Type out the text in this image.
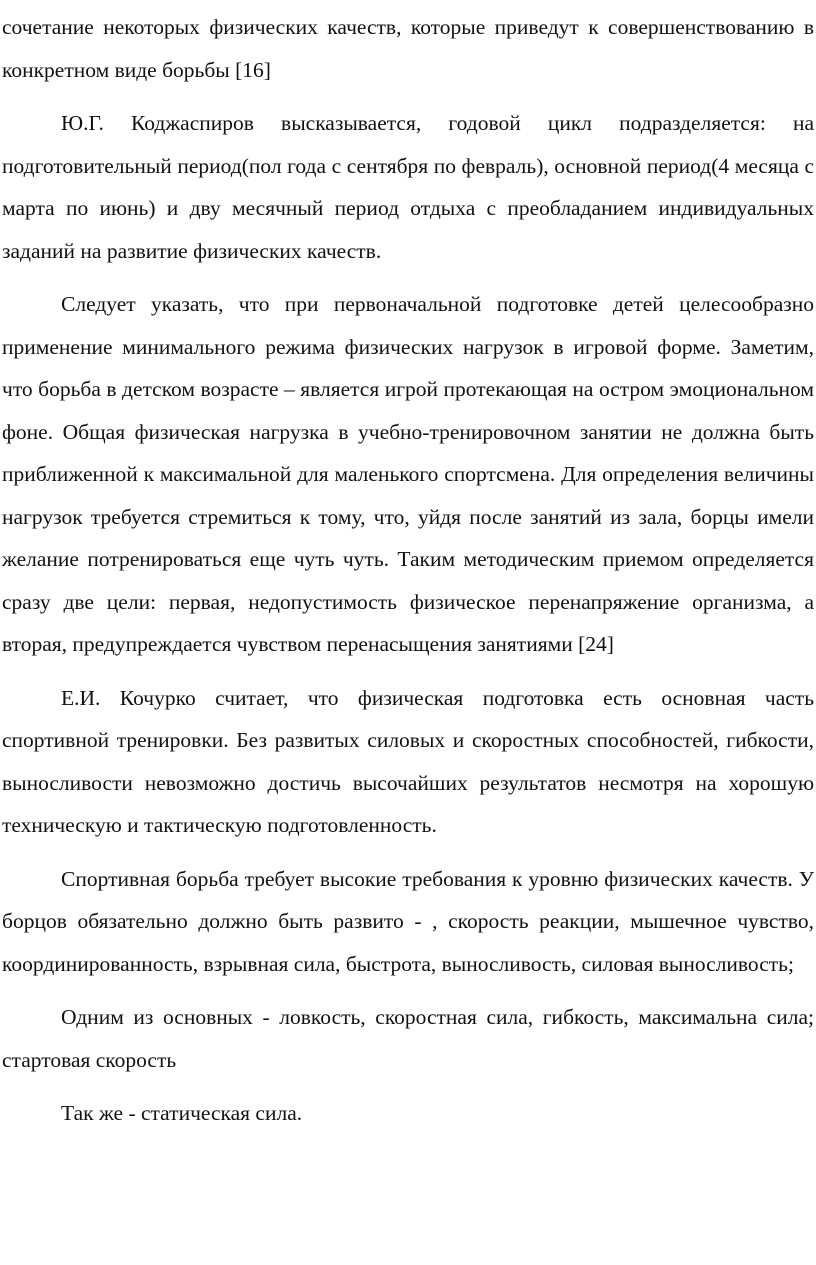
сочетание некоторых физических качеств, которые приведут к совершенствованию в конкретном виде борьбы [16]

Ю.Г. Коджаспиров высказывается, годовой цикл подразделяется: на подготовительный период(пол года с сентября по февраль), основной период(4 месяца с марта по июнь) и дву месячный период отдыха с преобладанием индивидуальных заданий на развитие физических качеств.

Следует указать, что при первоначальной подготовке детей целесообразно применение минимального режима физических нагрузок в игровой форме. Заметим, что борьба в детском возрасте – является игрой протекающая на остром эмоциональном фоне. Общая физическая нагрузка в учебно-тренировочном занятии не должна быть приближенной к максимальной для маленького спортсмена. Для определения величины нагрузок требуется стремиться к тому, что, уйдя после занятий из зала, борцы имели желание потренироваться еще чуть чуть. Таким методическим приемом определяется сразу две цели: первая, недопустимость физическое перенапряжение организма, а вторая, предупреждается чувством перенасыщения занятиями [24]

Е.И. Кочурко считает, что физическая подготовка есть основная часть спортивной тренировки. Без развитых силовых и скоростных способностей, гибкости, выносливости невозможно достичь высочайших результатов несмотря на хорошую техническую и тактическую подготовленность.

Спортивная борьба требует высокие требования к уровню физических качеств. У борцов обязательно должно быть развито - , скорость реакции, мышечное чувство, координированность, взрывная сила, быстрота, выносливость, силовая выносливость;

Одним из основных - ловкость, скоростная сила, гибкость, максимальна сила; стартовая скорость

Так же - статическая сила.
